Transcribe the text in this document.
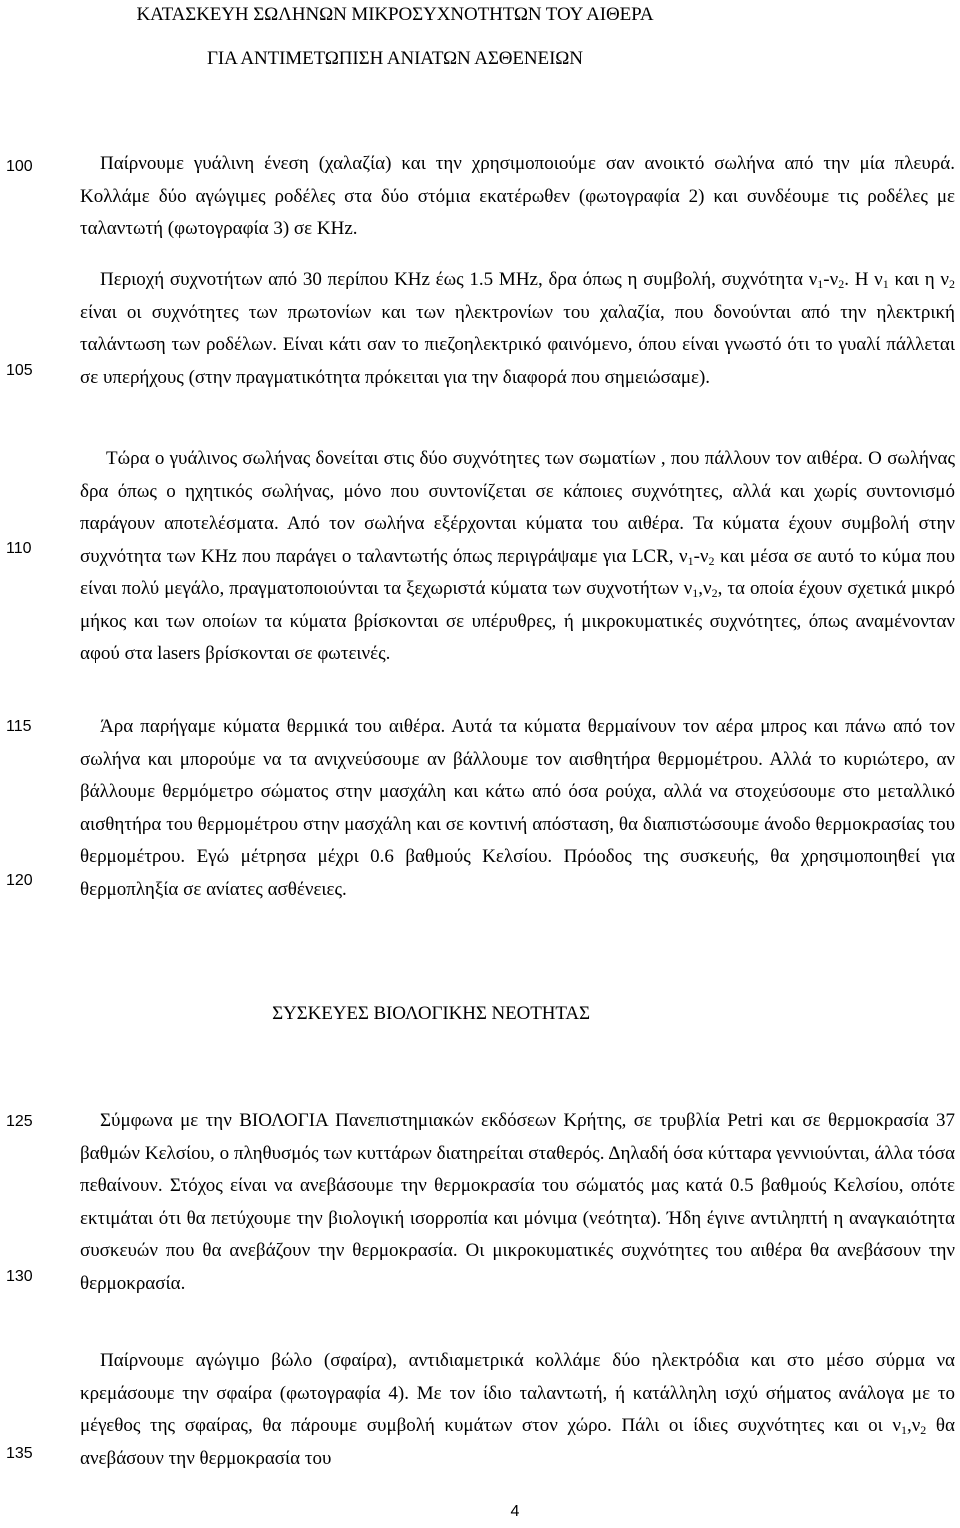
ΚΑΤΑΣΚΕΥΗ ΣΩΛΗΝΩΝ ΜΙΚΡΟΣΥΧΝΟΤΗΤΩΝ ΤΟΥ ΑΙΘΕΡΑ
ΓΙΑ ΑΝΤΙΜΕΤΩΠΙΣΗ ΑΝΙΑΤΩΝ ΑΣΘΕΝΕΙΩΝ
100
105
110
115
120
125
130
135

Παίρνουμε γυάλινη ένεση (χαλαζία) και την χρησιμοποιούμε σαν ανοικτό σωλήνα από την μία πλευρά. Κολλάμε δύο αγώγιμες ροδέλες στα δύο στόμια εκατέρωθεν (φωτογραφία 2) και συνδέουμε τις ροδέλες με ταλαντωτή (φωτογραφία 3) σε KHz.

Περιοχή συχνοτήτων από 30 περίπου KHz έως 1.5 MHz, δρα όπως η συμβολή, συχνότητα $\nu_1-\nu_2$. Η $\nu_1$ και η $\nu_2$ είναι οι συχνότητες των πρωτονίων και των ηλεκτρονίων του χαλαζία, που δονούνται από την ηλεκτρική ταλάντωση των ροδέλων. Είναι κάτι σαν το πιεζοηλεκτρικό φαινόμενο, όπου είναι γνωστό ότι το γυαλί πάλλεται σε υπερήχους (στην πραγματικότητα πρόκειται για την διαφορά που σημειώσαμε).

Τώρα ο γυάλινος σωλήνας δονείται στις δύο συχνότητες των σωματίων , που πάλλουν τον αιθέρα. Ο σωλήνας δρα όπως ο ηχητικός σωλήνας, μόνο που συντονίζεται σε κάποιες συχνότητες, αλλά και χωρίς συντονισμό παράγουν αποτελέσματα. Από τον σωλήνα εξέρχονται κύματα του αιθέρα. Τα κύματα έχουν συμβολή στην συχνότητα των KHz που παράγει ο ταλαντωτής όπως περιγράψαμε για LCR, $\nu_1-\nu_2$ και μέσα σε αυτό το κύμα που είναι πολύ μεγάλο, πραγματοποιούνται τα ξεχωριστά κύματα των συχνοτήτων $\nu_1,\nu_2$, τα οποία έχουν σχετικά μικρό μήκος και των οποίων τα κύματα βρίσκονται σε υπέρυθρες, ή μικροκυματικές συχνότητες, όπως αναμένονταν αφού στα lasers βρίσκονται σε φωτεινές.

Άρα παρήγαμε κύματα θερμικά του αιθέρα. Αυτά τα κύματα θερμαίνουν τον αέρα μπρος και πάνω από τον σωλήνα και μπορούμε να τα ανιχνεύσουμε αν βάλλουμε τον αισθητήρα θερμομέτρου. Αλλά το κυριώτερο, αν βάλλουμε θερμόμετρο σώματος στην μασχάλη και κάτω από όσα ρούχα, αλλά να στοχεύσουμε στο μεταλλικό αισθητήρα του θερμομέτρου στην μασχάλη και σε κοντινή απόσταση, θα διαπιστώσουμε άνοδο θερμοκρασίας του θερμομέτρου. Εγώ μέτρησα μέχρι 0.6 βαθμούς Κελσίου. Πρόοδος της συσκευής, θα χρησιμοποιηθεί για θερμοπληξία σε ανίατες ασθένειες.

ΣΥΣΚΕΥΕΣ ΒΙΟΛΟΓΙΚΗΣ ΝΕΟΤΗΤΑΣ

Σύμφωνα με την ΒΙΟΛΟΓΙΑ Πανεπιστημιακών εκδόσεων Κρήτης, σε τρυβλία Petri και σε θερμοκρασία 37 βαθμών Κελσίου, ο πληθυσμός των κυττάρων διατηρείται σταθερός. Δηλαδή όσα κύτταρα γεννιούνται, άλλα τόσα πεθαίνουν. Στόχος είναι να ανεβάσουμε την θερμοκρασία του σώματός μας κατά 0.5 βαθμούς Κελσίου, οπότε εκτιμάται ότι θα πετύχουμε την βιολογική ισορροπία και μόνιμα (νεότητα). Ήδη έγινε αντιληπτή η αναγκαιότητα συσκευών που θα ανεβάζουν την θερμοκρασία. Οι μικροκυματικές συχνότητες του αιθέρα θα ανεβάσουν την θερμοκρασία.

Παίρνουμε αγώγιμο βώλο (σφαίρα), αντιδιαμετρικά κολλάμε δύο ηλεκτρόδια και στο μέσο σύρμα να κρεμάσουμε την σφαίρα (φωτογραφία 4). Με τον ίδιο ταλαντωτή, ή κατάλληλη ισχύ σήματος ανάλογα με το μέγεθος της σφαίρας, θα πάρουμε συμβολή κυμάτων στον χώρο. Πάλι οι ίδιες συχνότητες και οι $\nu_1,\nu_2$ θα ανεβάσουν την θερμοκρασία του

4
